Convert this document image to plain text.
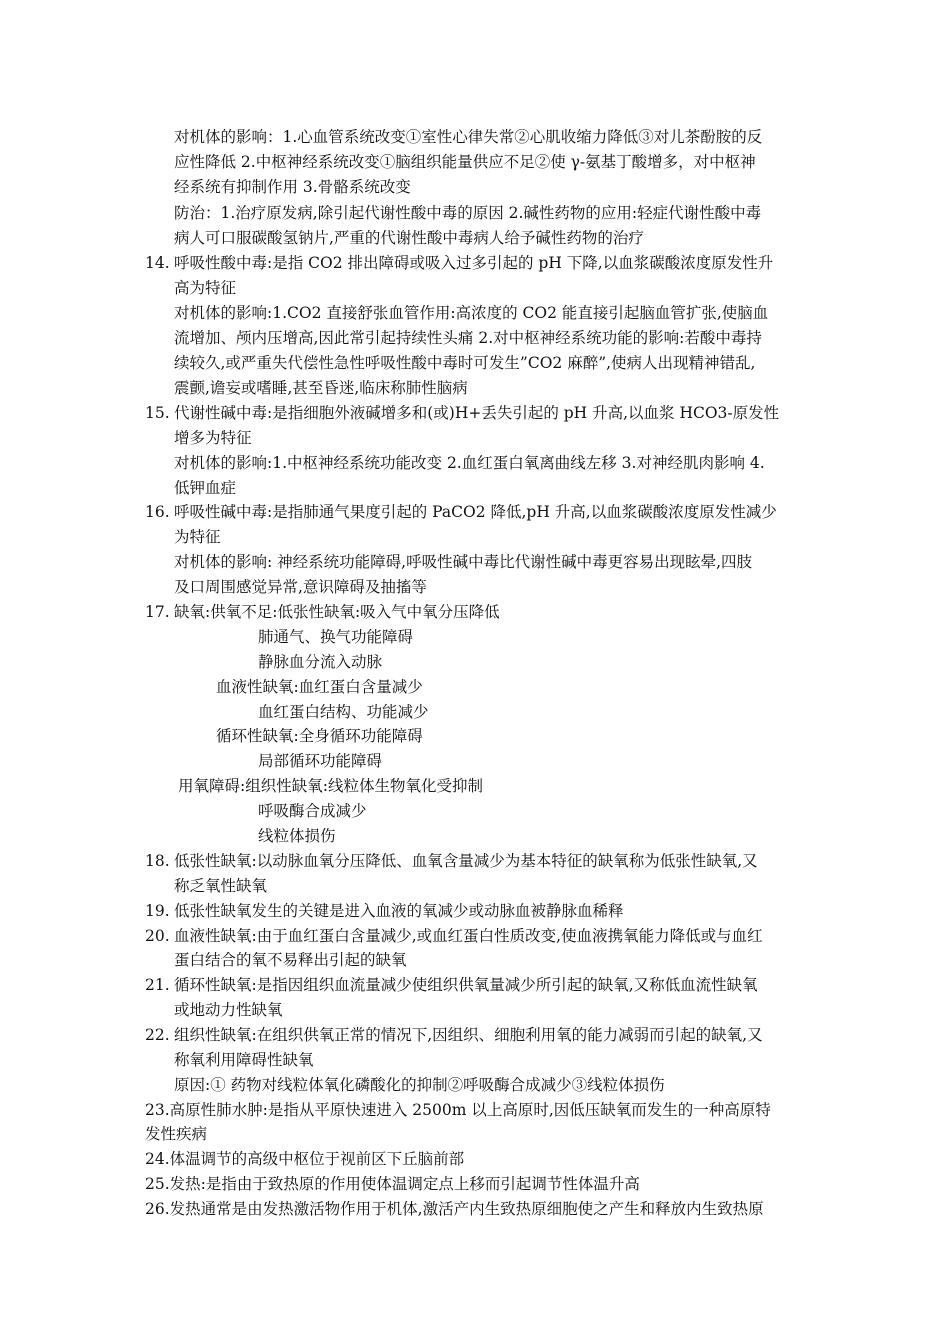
对机体的影响：1.心血管系统改变①室性心律失常②心肌收缩力降低③对儿茶酚胺的反
应性降低 2.中枢神经系统改变①脑组织能量供应不足②使 γ-氨基丁酸增多，对中枢神
经系统有抑制作用 3.骨骼系统改变
防治：1.治疗原发病,除引起代谢性酸中毒的原因 2.碱性药物的应用:轻症代谢性酸中毒
病人可口服碳酸氢钠片,严重的代谢性酸中毒病人给予碱性药物的治疗
14. 呼吸性酸中毒:是指 CO2 排出障碍或吸入过多引起的 pH 下降,以血浆碳酸浓度原发性升
高为特征
对机体的影响:1.CO2 直接舒张血管作用:高浓度的 CO2 能直接引起脑血管扩张,使脑血
流增加、颅内压增高,因此常引起持续性头痛 2.对中枢神经系统功能的影响:若酸中毒持
续较久,或严重失代偿性急性呼吸性酸中毒时可发生”CO2 麻醉”,使病人出现精神错乱,
震颤,谵妄或嗜睡,甚至昏迷,临床称肺性脑病
15. 代谢性碱中毒:是指细胞外液碱增多和(或)H+丢失引起的 pH 升高,以血浆 HCO3-原发性
增多为特征
对机体的影响:1.中枢神经系统功能改变 2.血红蛋白氧离曲线左移 3.对神经肌肉影响 4.
低钾血症
16. 呼吸性碱中毒:是指肺通气果度引起的 PaCO2 降低,pH 升高,以血浆碳酸浓度原发性减少
为特征
对机体的影响: 神经系统功能障碍,呼吸性碱中毒比代谢性碱中毒更容易出现眩晕,四肢
及口周围感觉异常,意识障碍及抽搐等
17. 缺氧:供氧不足:低张性缺氧:吸入气中氧分压降低
肺通气、换气功能障碍
静脉血分流入动脉
血液性缺氧:血红蛋白含量减少
血红蛋白结构、功能减少
循环性缺氧:全身循环功能障碍
局部循环功能障碍
用氧障碍:组织性缺氧:线粒体生物氧化受抑制
呼吸酶合成减少
线粒体损伤
18. 低张性缺氧:以动脉血氧分压降低、血氧含量减少为基本特征的缺氧称为低张性缺氧,又
称乏氧性缺氧
19. 低张性缺氧发生的关键是进入血液的氧减少或动脉血被静脉血稀释
20. 血液性缺氧:由于血红蛋白含量减少,或血红蛋白性质改变,使血液携氧能力降低或与血红
蛋白结合的氧不易释出引起的缺氧
21. 循环性缺氧:是指因组织血流量减少使组织供氧量减少所引起的缺氧,又称低血流性缺氧
或地动力性缺氧
22. 组织性缺氧:在组织供氧正常的情况下,因组织、细胞利用氧的能力减弱而引起的缺氧,又
称氧利用障碍性缺氧
原因:① 药物对线粒体氧化磷酸化的抑制②呼吸酶合成减少③线粒体损伤
23.高原性肺水肿:是指从平原快速进入 2500m 以上高原时,因低压缺氧而发生的一种高原特
发性疾病
24.体温调节的高级中枢位于视前区下丘脑前部
25.发热:是指由于致热原的作用使体温调定点上移而引起调节性体温升高
26.发热通常是由发热激活物作用于机体,激活产内生致热原细胞使之产生和释放内生致热原
